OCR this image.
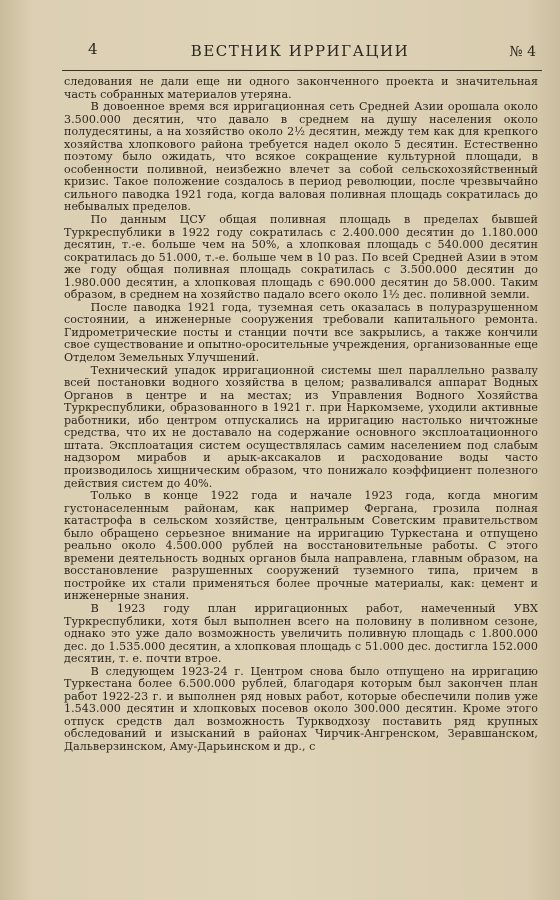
4	ВЕСТНИК ИРРИГАЦИИ	№ 4

следования не дали еще ни одного законченного проекта и значительная часть собранных материалов утеряна.

В довоенное время вся ирригационная сеть Средней Азии орошала около 3.500.000 десятин, что давало в среднем на душу населения около полудесятины, а на хозяйство около 2½ десятин, между тем как для крепкого хозяйства хлопкового района требуется надел около 5 десятин. Естественно поэтому было ожидать, что всякое сокращение культурной площади, в особенности поливной, неизбежно влечет за собой сельскохозяйственный кризис. Такое положение создалось в период революции, после чрезвычайно сильного паводка 1921 года, когда валовая поливная площадь сократилась до небывалых пределов.

По данным ЦСУ общая поливная площадь в пределах бывшей Туркреспублики в 1922 году сократилась с 2.400.000 десятин до 1.180.000 десятин, т.-е. больше чем на 50%, а хлопковая площадь с 540.000 десятин сократилась до 51.000, т.-е. больше чем в 10 раз. По всей Средней Азии в этом же году общая поливная площадь сократилась с 3.500.000 десятин до 1.980.000 десятин, а хлопковая площадь с 690.000 десятин до 58.000. Таким образом, в среднем на хозяйство падало всего около 1½ дес. поливной земли.

После паводка 1921 года, туземная сеть оказалась в полуразрушенном состоянии, а инженерные сооружения требовали капитального ремонта. Гидрометрические посты и станции почти все закрылись, а также кончили свое существование и опытно-оросительные учреждения, организованные еще Отделом Земельных Улучшений.

Технический упадок ирригационной системы шел параллельно развалу всей постановки водного хозяйства в целом; разваливался аппарат Водных Органов в центре и на местах; из Управления Водного Хозяйства Туркреспублики, образованного в 1921 г. при Наркомземе, уходили активные работники, ибо центром отпускались на ирригацию настолько ничтожные средства, что их не доставало на содержание основного эксплоатационного штата. Эксплоатация систем осуществлялась самим населением под слабым надзором мирабов и арык-аксакалов и расходование воды часто производилось хищническим образом, что понижало коэффициент полезного действия систем до 40%.

Только в конце 1922 года и начале 1923 года, когда многим густонаселенным районам, как например Фергана, грозила полная катастрофа в сельском хозяйстве, центральным Советским правительством было обращено серьезное внимание на ирригацию Туркестана и отпущено реально около 4.500.000 рублей на восстановительные работы. С этого времени деятельность водных органов была направлена, главным образом, на восстановление разрушенных сооружений туземного типа, причем в постройке их стали применяться более прочные материалы, как: цемент и инженерные знания.

В 1923 году план ирригационных работ, намеченный УВХ Туркреспублики, хотя был выполнен всего на половину в поливном сезоне, однако это уже дало возможность увеличить поливную площадь с 1.800.000 дес. до 1.535.000 десятин, а хлопковая площадь с 51.000 дес. достигла 152.000 десятин, т. е. почти втрое.

В следующем 1923-24 г. Центром снова было отпущено на ирригацию Туркестана более 6.500.000 рублей, благодаря которым был закончен план работ 1922-23 г. и выполнен ряд новых работ, которые обеспечили полив уже 1.543.000 десятин и хлопковых посевов около 300.000 десятин. Кроме этого отпуск средств дал возможность Туркводхозу поставить ряд крупных обследований и изысканий в районах Чирчик-Ангренском, Зеравшанском, Дальверзинском, Аму-Дарьинском и др., с
